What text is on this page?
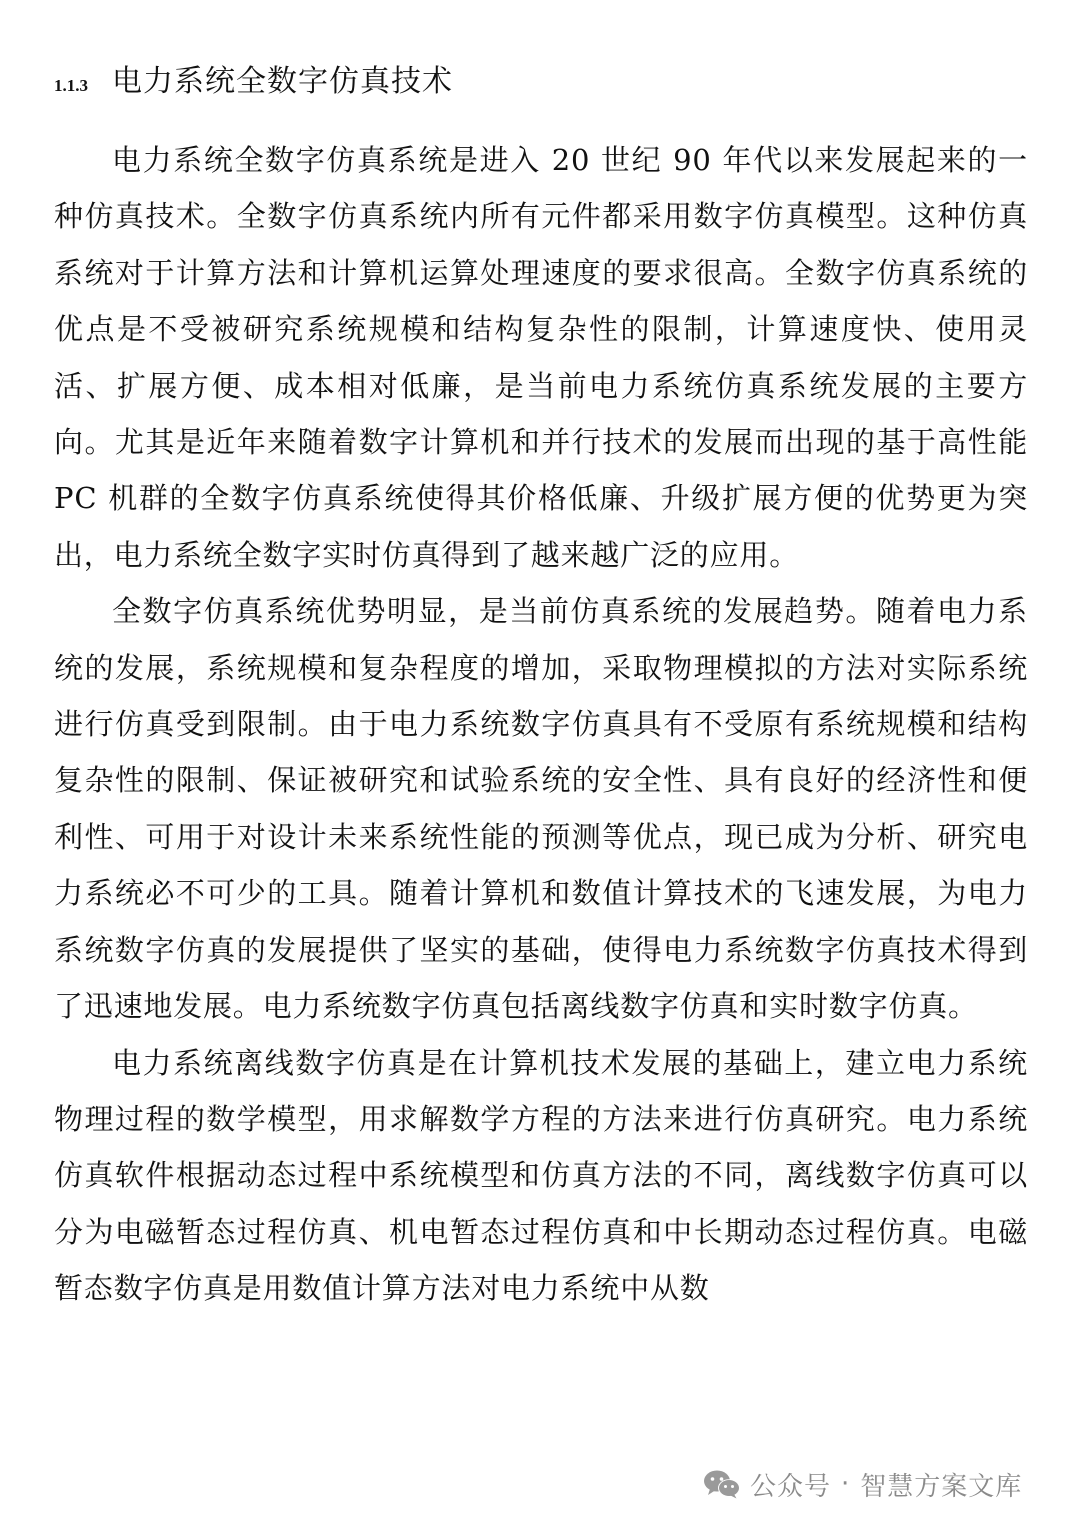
1.1.3 电力系统全数字仿真技术

电力系统全数字仿真系统是进入 20 世纪 90 年代以来发展起来的一种仿真技术。全数字仿真系统内所有元件都采用数字仿真模型。这种仿真系统对于计算方法和计算机运算处理速度的要求很高。全数字仿真系统的优点是不受被研究系统规模和结构复杂性的限制，计算速度快、使用灵活、扩展方便、成本相对低廉，是当前电力系统仿真系统发展的主要方向。尤其是近年来随着数字计算机和并行技术的发展而出现的基于高性能 PC 机群的全数字仿真系统使得其价格低廉、升级扩展方便的优势更为突出，电力系统全数字实时仿真得到了越来越广泛的应用。

全数字仿真系统优势明显，是当前仿真系统的发展趋势。随着电力系统的发展，系统规模和复杂程度的增加，采取物理模拟的方法对实际系统进行仿真受到限制。由于电力系统数字仿真具有不受原有系统规模和结构复杂性的限制、保证被研究和试验系统的安全性、具有良好的经济性和便利性、可用于对设计未来系统性能的预测等优点，现已成为分析、研究电力系统必不可少的工具。随着计算机和数值计算技术的飞速发展，为电力系统数字仿真的发展提供了坚实的基础，使得电力系统数字仿真技术得到了迅速地发展。电力系统数字仿真包括离线数字仿真和实时数字仿真。

电力系统离线数字仿真是在计算机技术发展的基础上，建立电力系统物理过程的数学模型，用求解数学方程的方法来进行仿真研究。电力系统仿真软件根据动态过程中系统模型和仿真方法的不同，离线数字仿真可以分为电磁暂态过程仿真、机电暂态过程仿真和中长期动态过程仿真。电磁暂态数字仿真是用数值计算方法对电力系统中从数

公众号 · 智慧方案文库
